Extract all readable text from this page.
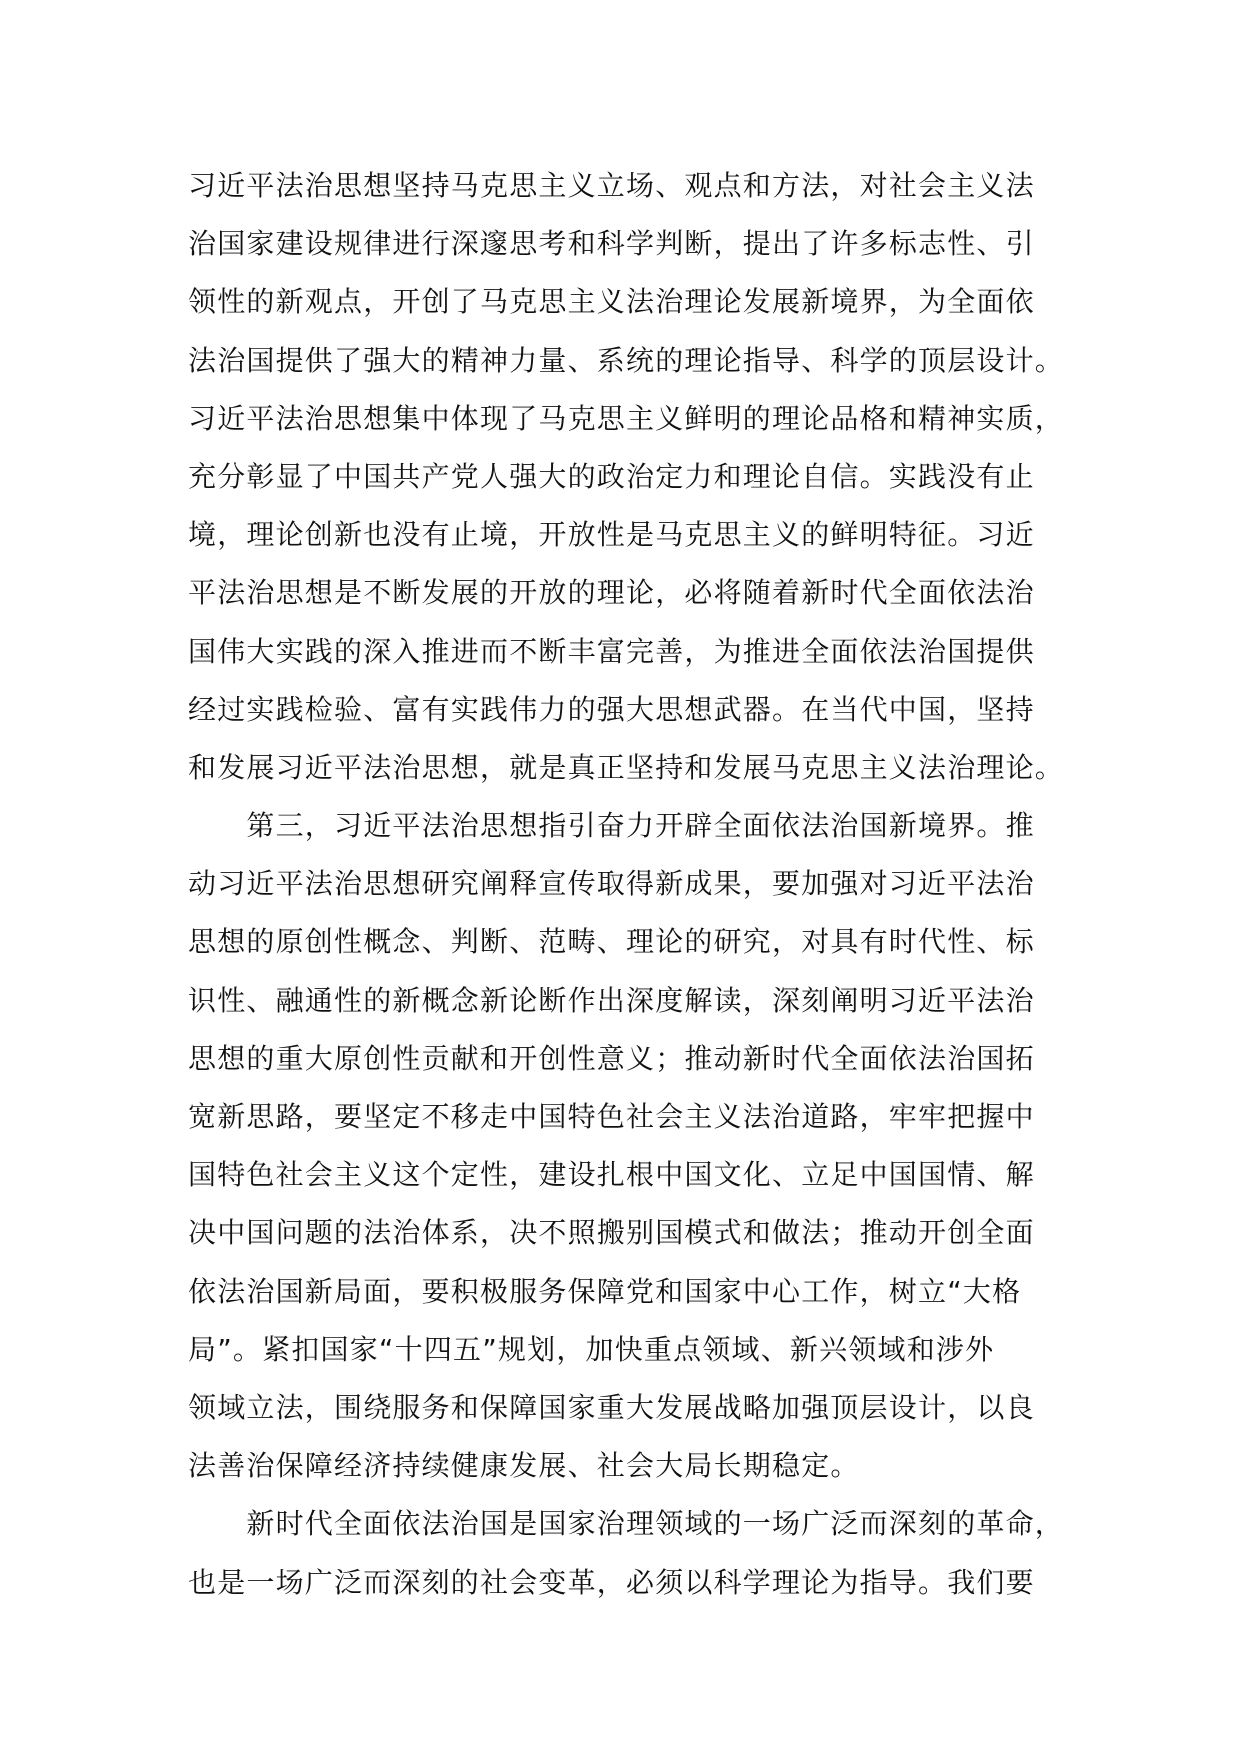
习近平法治思想坚持马克思主义立场、观点和方法，对社会主义法
治国家建设规律进行深邃思考和科学判断，提出了许多标志性、引
领性的新观点，开创了马克思主义法治理论发展新境界，为全面依
法治国提供了强大的精神力量、系统的理论指导、科学的顶层设计。
习近平法治思想集中体现了马克思主义鲜明的理论品格和精神实质，
充分彰显了中国共产党人强大的政治定力和理论自信。实践没有止
境，理论创新也没有止境，开放性是马克思主义的鲜明特征。习近
平法治思想是不断发展的开放的理论，必将随着新时代全面依法治
国伟大实践的深入推进而不断丰富完善，为推进全面依法治国提供
经过实践检验、富有实践伟力的强大思想武器。在当代中国，坚持
和发展习近平法治思想，就是真正坚持和发展马克思主义法治理论。
　　第三，习近平法治思想指引奋力开辟全面依法治国新境界。推
动习近平法治思想研究阐释宣传取得新成果，要加强对习近平法治
思想的原创性概念、判断、范畴、理论的研究，对具有时代性、标
识性、融通性的新概念新论断作出深度解读，深刻阐明习近平法治
思想的重大原创性贡献和开创性意义；推动新时代全面依法治国拓
宽新思路，要坚定不移走中国特色社会主义法治道路，牢牢把握中
国特色社会主义这个定性，建设扎根中国文化、立足中国国情、解
决中国问题的法治体系，决不照搬别国模式和做法；推动开创全面
依法治国新局面，要积极服务保障党和国家中心工作，树立“大格
局”。紧扣国家“十四五”规划，加快重点领域、新兴领域和涉外
领域立法，围绕服务和保障国家重大发展战略加强顶层设计，以良
法善治保障经济持续健康发展、社会大局长期稳定。
　　新时代全面依法治国是国家治理领域的一场广泛而深刻的革命，
也是一场广泛而深刻的社会变革，必须以科学理论为指导。我们要
